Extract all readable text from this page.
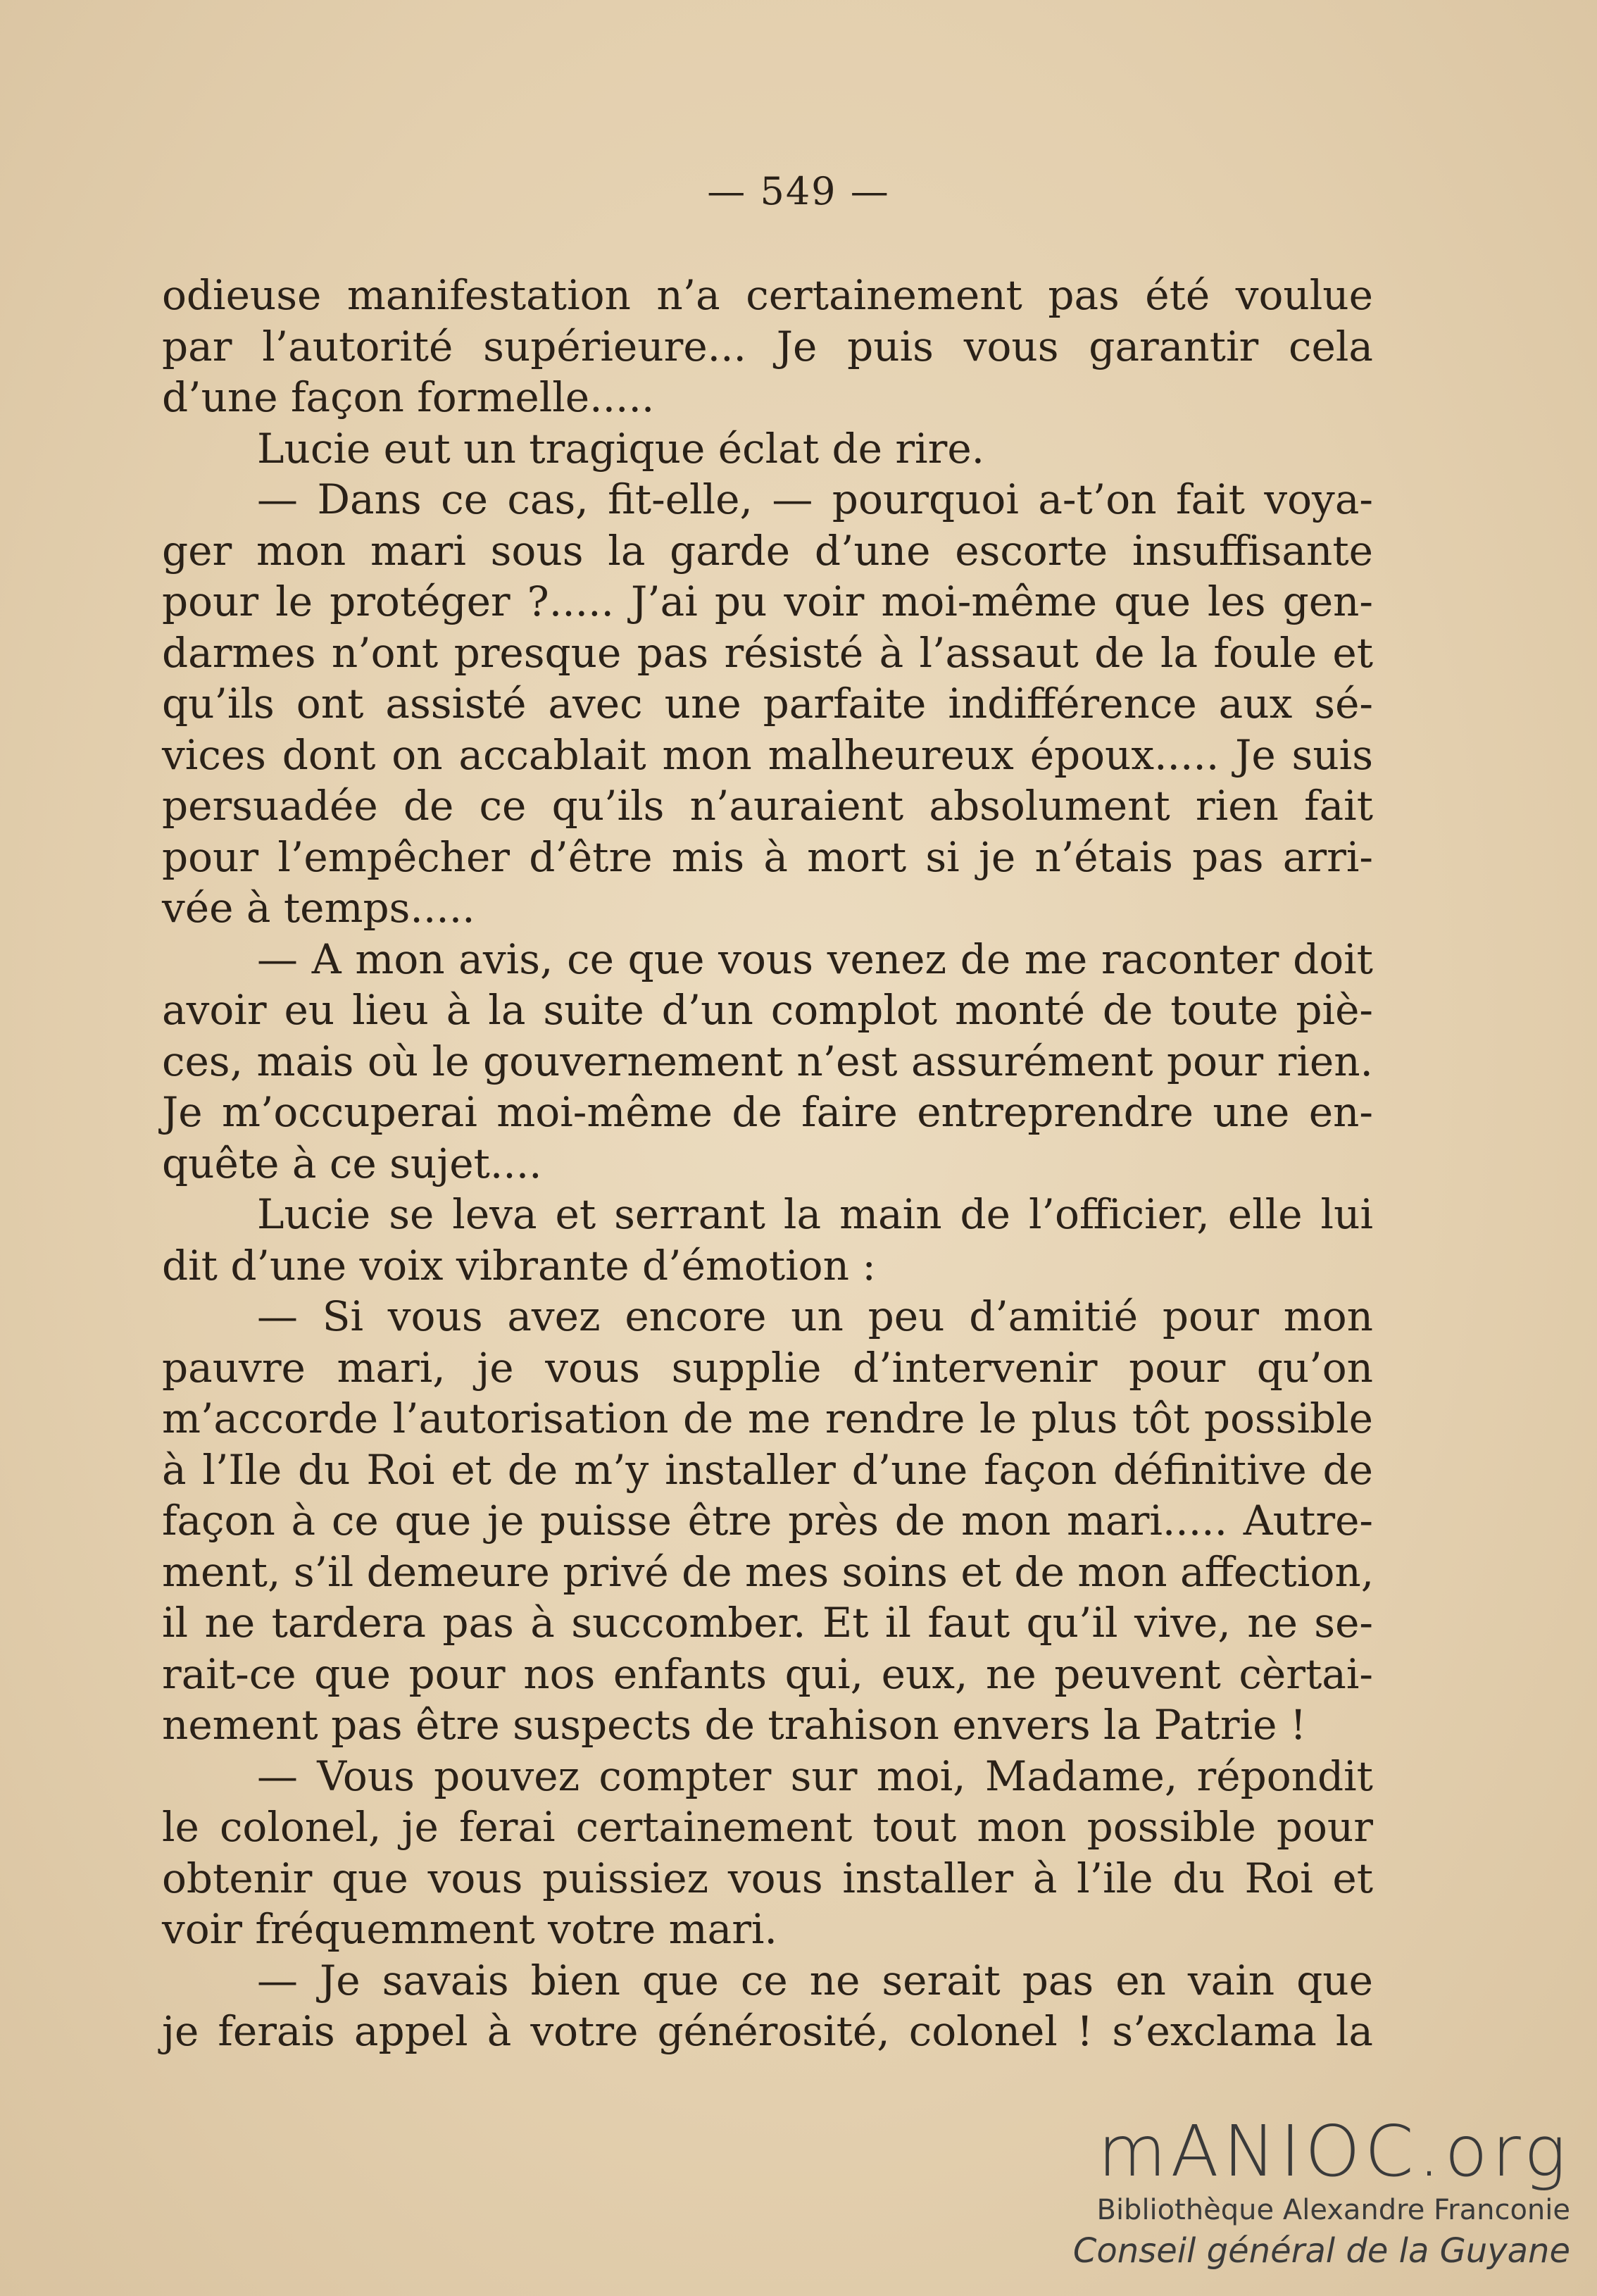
— 549 —
odieuse manifestation n’a certainement pas été voulue
par l’autorité supérieure... Je puis vous garantir cela
d’une façon formelle.....
Lucie eut un tragique éclat de rire.
— Dans ce cas, fit-elle, — pourquoi a-t’on fait voya-
ger mon mari sous la garde d’une escorte insuffisante
pour le protéger ?..... J’ai pu voir moi-même que les gen-
darmes n’ont presque pas résisté à l’assaut de la foule et
qu’ils ont assisté avec une parfaite indifférence aux sé-
vices dont on accablait mon malheureux époux..... Je suis
persuadée de ce qu’ils n’auraient absolument rien fait
pour l’empêcher d’être mis à mort si je n’étais pas arri-
vée à temps.....
— A mon avis, ce que vous venez de me raconter doit
avoir eu lieu à la suite d’un complot monté de toute piè-
ces, mais où le gouvernement n’est assurément pour rien.
Je m’occuperai moi-même de faire entreprendre une en-
quête à ce sujet....
Lucie se leva et serrant la main de l’officier, elle lui
dit d’une voix vibrante d’émotion :
— Si vous avez encore un peu d’amitié pour mon
pauvre mari, je vous supplie d’intervenir pour qu’on
m’accorde l’autorisation de me rendre le plus tôt possible
à l’Ile du Roi et de m’y installer d’une façon définitive de
façon à ce que je puisse être près de mon mari..... Autre-
ment, s’il demeure privé de mes soins et de mon affection,
il ne tardera pas à succomber. Et il faut qu’il vive, ne se-
rait-ce que pour nos enfants qui, eux, ne peuvent cèrtai-
nement pas être suspects de trahison envers la Patrie !
— Vous pouvez compter sur moi, Madame, répondit
le colonel, je ferai certainement tout mon possible pour
obtenir que vous puissiez vous installer à l’ile du Roi et
voir fréquemment votre mari.
— Je savais bien que ce ne serait pas en vain que
je ferais appel à votre générosité, colonel ! s’exclama la
mANIOC.org
Bibliothèque Alexandre Franconie
Conseil général de la Guyane
